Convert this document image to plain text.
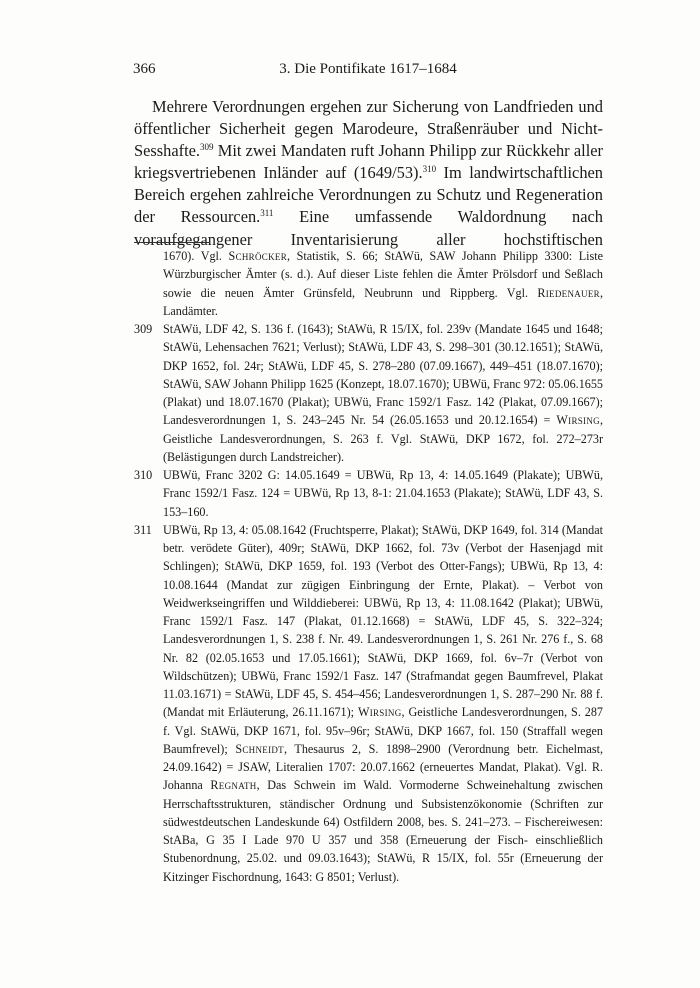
366	3. Die Pontifikate 1617–1684

Mehrere Verordnungen ergehen zur Sicherung von Landfrieden und öffentlicher Sicherheit gegen Marodeure, Straßenräuber und Nicht-Sesshafte.$^{309}$ Mit zwei Mandaten ruft Johann Philipp zur Rückkehr aller kriegsvertriebenen Inländer auf (1649/53).$^{310}$ Im landwirtschaftlichen Bereich ergehen zahlreiche Verordnungen zu Schutz und Regeneration der Ressourcen.$^{311}$ Eine umfassende Waldordnung nach voraufgegangener Inventarisierung aller hochstiftischen

1670). Vgl. Schröcker, Statistik, S. 66; StAWü, SAW Johann Philipp 3300: Liste Würzburgischer Ämter (s. d.). Auf dieser Liste fehlen die Ämter Prölsdorf und Seßlach sowie die neuen Ämter Grünsfeld, Neubrunn und Rippberg. Vgl. Riedenauer, Landämter.

309 StAWü, LDF 42, S. 136 f. (1643); StAWü, R 15/IX, fol. 239v (Mandate 1645 und 1648; StAWü, Lehensachen 7621; Verlust); StAWü, LDF 43, S. 298–301 (30.12.1651); StAWü, DKP 1652, fol. 24r; StAWü, LDF 45, S. 278–280 (07.09.1667), 449–451 (18.07.1670); StAWü, SAW Johann Philipp 1625 (Konzept, 18.07.1670); UBWü, Franc 972: 05.06.1655 (Plakat) und 18.07.1670 (Plakat); UBWü, Franc 1592/1 Fasz. 142 (Plakat, 07.09.1667); Landesverordnungen 1, S. 243–245 Nr. 54 (26.05.1653 und 20.12.1654) = Wirsing, Geistliche Landesverordnungen, S. 263 f. Vgl. StAWü, DKP 1672, fol. 272–273r (Belästigungen durch Landstreicher).

310 UBWü, Franc 3202 G: 14.05.1649 = UBWü, Rp 13, 4: 14.05.1649 (Plakate); UBWü, Franc 1592/1 Fasz. 124 = UBWü, Rp 13, 8-1: 21.04.1653 (Plakate); StAWü, LDF 43, S. 153–160.

311 UBWü, Rp 13, 4: 05.08.1642 (Fruchtsperre, Plakat); StAWü, DKP 1649, fol. 314 (Mandat betr. verödete Güter), 409r; StAWü, DKP 1662, fol. 73v (Verbot der Hasenjagd mit Schlingen); StAWü, DKP 1659, fol. 193 (Verbot des Otter-Fangs); UBWü, Rp 13, 4: 10.08.1644 (Mandat zur zügigen Einbringung der Ernte, Plakat). – Verbot von Weidwerkseingriffen und Wilddieberei: UBWü, Rp 13, 4: 11.08.1642 (Plakat); UBWü, Franc 1592/1 Fasz. 147 (Plakat, 01.12.1668) = StAWü, LDF 45, S. 322–324; Landesverordnungen 1, S. 238 f. Nr. 49. Landesverordnungen 1, S. 261 Nr. 276 f., S. 68 Nr. 82 (02.05.1653 und 17.05.1661); StAWü, DKP 1669, fol. 6v–7r (Verbot von Wildschützen); UBWü, Franc 1592/1 Fasz. 147 (Strafmandat gegen Baumfrevel, Plakat 11.03.1671) = StAWü, LDF 45, S. 454–456; Landesverordnungen 1, S. 287–290 Nr. 88 f. (Mandat mit Erläuterung, 26.11.1671); Wirsing, Geistliche Landesverordnungen, S. 287 f. Vgl. StAWü, DKP 1671, fol. 95v–96r; StAWü, DKP 1667, fol. 150 (Straffall wegen Baumfrevel); Schneidt, Thesaurus 2, S. 1898–2900 (Verordnung betr. Eichelmast, 24.09.1642) = JSAW, Literalien 1707: 20.07.1662 (erneuertes Mandat, Plakat). Vgl. R. Johanna Regnath, Das Schwein im Wald. Vormoderne Schweinehaltung zwischen Herrschaftsstrukturen, ständischer Ordnung und Subsistenzökonomie (Schriften zur südwestdeutschen Landeskunde 64) Ostfildern 2008, bes. S. 241–273. – Fischereiwesen: StABa, G 35 I Lade 970 U 357 und 358 (Erneuerung der Fisch- einschließlich Stubenordnung, 25.02. und 09.03.1643); StAWü, R 15/IX, fol. 55r (Erneuerung der Kitzinger Fischordnung, 1643: G 8501; Verlust).
